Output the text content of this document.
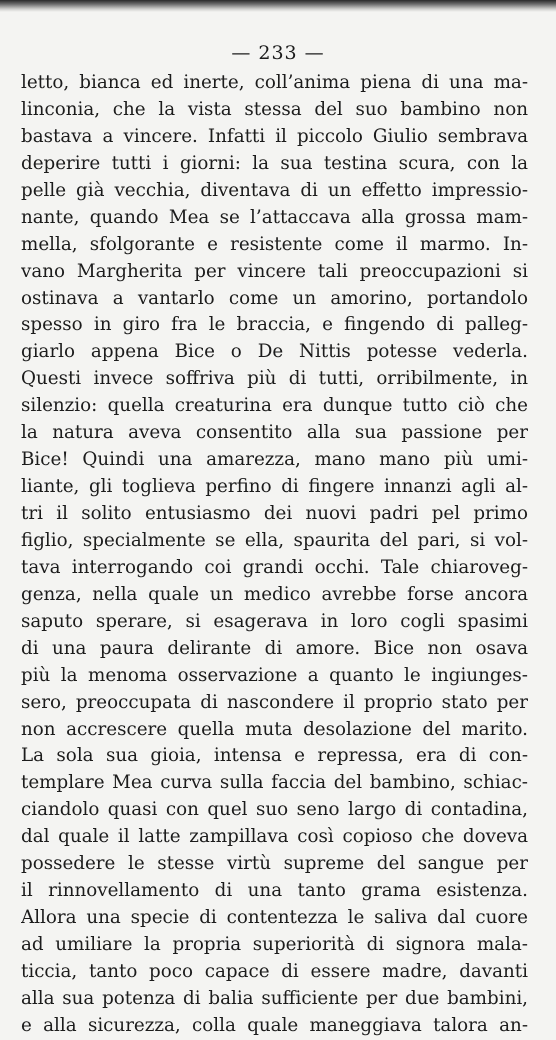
— 233 —
letto, bianca ed inerte, coll’anima piena di una ma-
linconia, che la vista stessa del suo bambino non
bastava a vincere. Infatti il piccolo Giulio sembrava
deperire tutti i giorni: la sua testina scura, con la
pelle già vecchia, diventava di un effetto impressio-
nante, quando Mea se l’attaccava alla grossa mam-
mella, sfolgorante e resistente come il marmo. In-
vano Margherita per vincere tali preoccupazioni si
ostinava a vantarlo come un amorino, portandolo
spesso in giro fra le braccia, e fingendo di palleg-
giarlo appena Bice o De Nittis potesse vederla.
Questi invece soffriva più di tutti, orribilmente, in
silenzio: quella creaturina era dunque tutto ciò che
la natura aveva consentito alla sua passione per
Bice! Quindi una amarezza, mano mano più umi-
liante, gli toglieva perfino di fingere innanzi agli al-
tri il solito entusiasmo dei nuovi padri pel primo
figlio, specialmente se ella, spaurita del pari, si vol-
tava interrogando coi grandi occhi. Tale chiaroveg-
genza, nella quale un medico avrebbe forse ancora
saputo sperare, si esagerava in loro cogli spasimi
di una paura delirante di amore. Bice non osava
più la menoma osservazione a quanto le ingiunges-
sero, preoccupata di nascondere il proprio stato per
non accrescere quella muta desolazione del marito.
La sola sua gioia, intensa e repressa, era di con-
templare Mea curva sulla faccia del bambino, schiac-
ciandolo quasi con quel suo seno largo di contadina,
dal quale il latte zampillava così copioso che doveva
possedere le stesse virtù supreme del sangue per
il rinnovellamento di una tanto grama esistenza.
Allora una specie di contentezza le saliva dal cuore
ad umiliare la propria superiorità di signora mala-
ticcia, tanto poco capace di essere madre, davanti
alla sua potenza di balia sufficiente per due bambini,
e alla sicurezza, colla quale maneggiava talora an-
